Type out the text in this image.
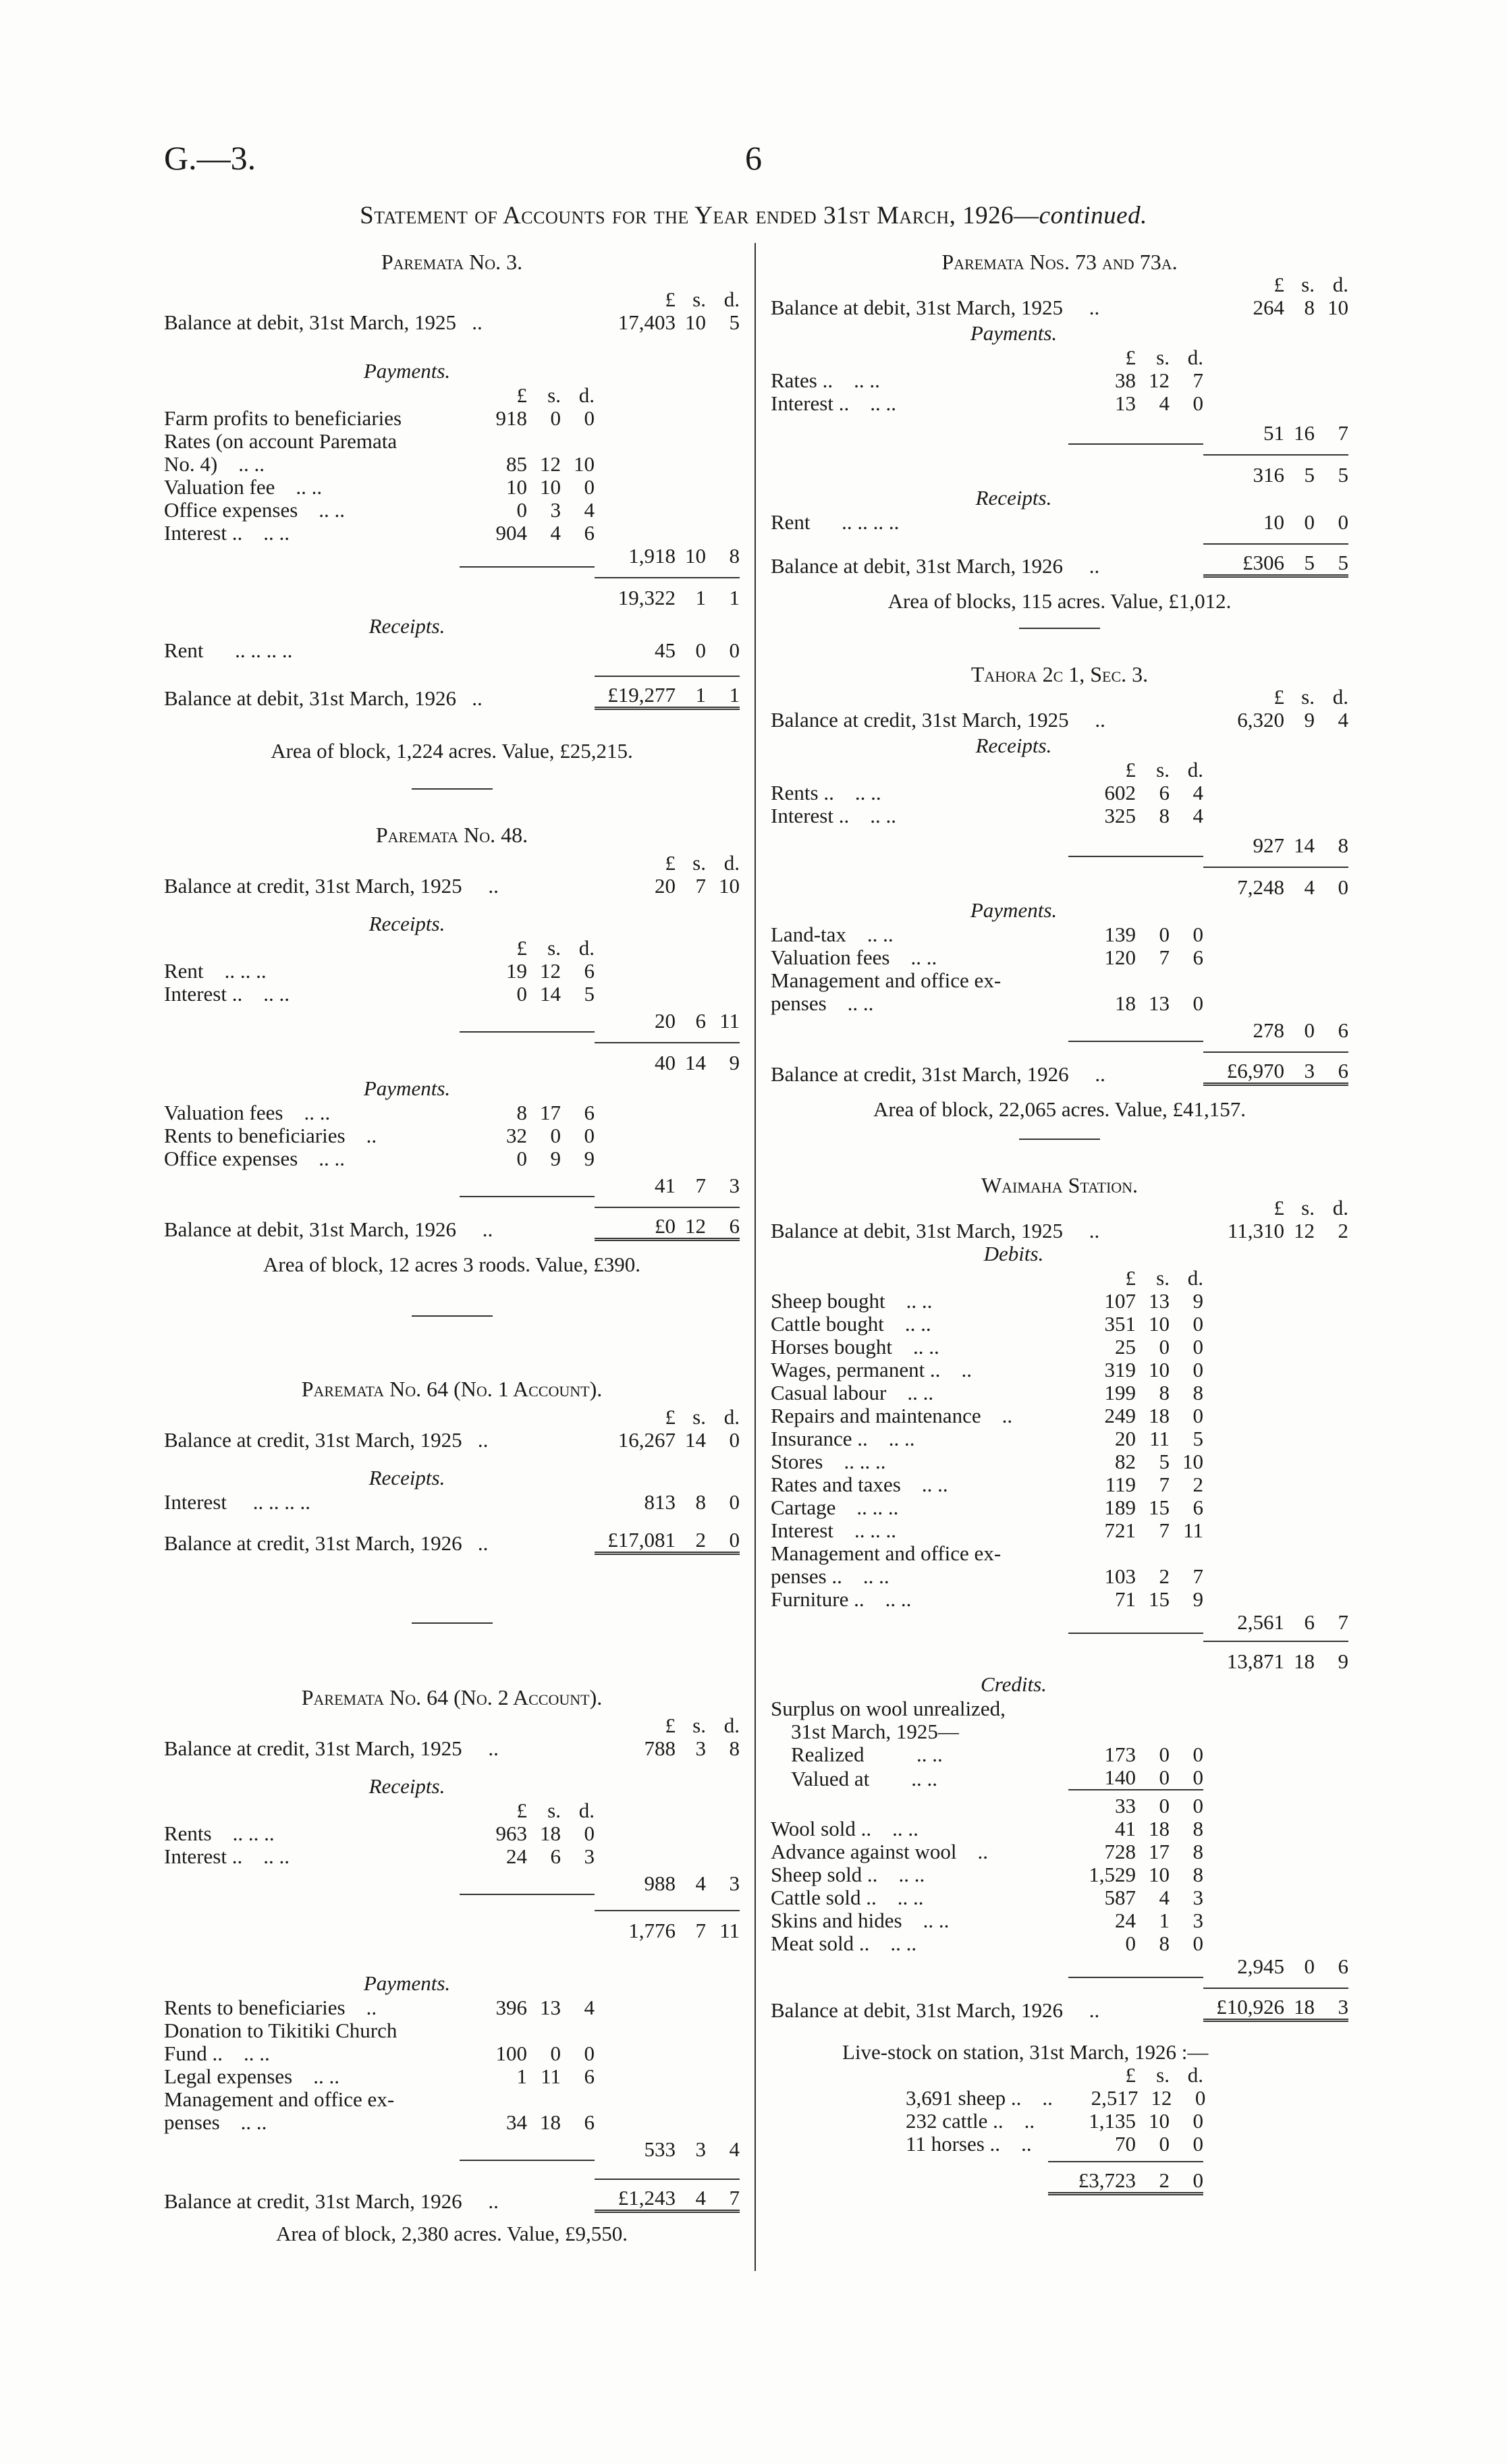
G.—3.	6
Statement of Accounts for the Year ended 31st March, 1926—continued.
Paremata No. 3.
£ s. d.
Balance at debit, 31st March, 1925 ..	17,403 10	5
Payments.
£ s. d.
Farm profits to beneficiaries	918	0	0
Rates (on account Paremata
No. 4) .. ..	85 12 10
Valuation fee .. ..	10 10	0
Office expenses .. ..	0	3	4
Interest .. .. ..	904	4	6
1,918 10	8
19,322 1	1
Receipts.
Rent .. .. .. ..	45 0	0
Balance at debit, 31st March, 1926 ..	£19,277 1	1
Area of block, 1,224 acres. Value, £25,215.
Paremata No. 48.
£ s. d.
Balance at credit, 31st March, 1925 ..	20 7 10
Receipts.
£ s. d.
Rent .. .. ..	19 12	6
Interest .. .. ..	0 14	5
20 6 11
40 14	9
Payments.
Valuation fees .. ..	8 17	6
Rents to beneficiaries ..	32	0	0
Office expenses .. ..	0	9	9
41 7	3
Balance at debit, 31st March, 1926 ..	£0 12	6
Area of block, 12 acres 3 roods. Value, £390.
Paremata No. 64 (No. 1 Account).
£ s. d.
Balance at credit, 31st March, 1925 ..	16,267 14	0
Receipts.
Interest .. .. .. ..	813 8	0
Balance at credit, 31st March, 1926 ..	£17,081 2	0
Paremata No. 64 (No. 2 Account).
£ s. d.
Balance at credit, 31st March, 1925 ..	788 3	8
Receipts.
£ s. d.
Rents .. .. ..	963 18	0
Interest .. .. ..	24	6	3
988 4	3
1,776 7 11
Payments.
Rents to beneficiaries ..	396 13	4
Donation to Tikitiki Church
Fund .. .. ..	100	0	0
Legal expenses .. ..	1 11	6
Management and office ex-
penses .. ..	34 18	6
533 3	4
Balance at credit, 31st March, 1926 ..	£1,243 4	7
Area of block, 2,380 acres. Value, £9,550.
Paremata Nos. 73 and 73a.
£ s. d.
Balance at debit, 31st March, 1925 ..	264 8 10
Payments.
£ s. d.
Rates .. .. ..	38 12	7
Interest .. .. ..	13	4	0
51 16	7
316 5	5
Receipts.
Rent .. .. .. ..	10 0	0
Balance at debit, 31st March, 1926 ..	£306 5	5
Area of blocks, 115 acres. Value, £1,012.
Tahora 2c 1, Sec. 3.
£ s. d.
Balance at credit, 31st March, 1925 ..	6,320 9	4
Receipts.
£ s. d.
Rents .. .. ..	602	6	4
Interest .. .. ..	325	8	4
927 14	8
7,248 4	0
Payments.
Land-tax .. ..	139	0	0
Valuation fees .. ..	120	7	6
Management and office ex-
penses .. ..	18 13	0
278 0	6
Balance at credit, 31st March, 1926 ..	£6,970 3	6
Area of block, 22,065 acres. Value, £41,157.
Waimaha Station.
£ s. d.
Balance at debit, 31st March, 1925 ..	11,310 12	2
Debits.
£ s. d.
Sheep bought .. ..	107 13	9
Cattle bought .. ..	351 10	0
Horses bought .. ..	25	0	0
Wages, permanent .. ..	319 10	0
Casual labour .. ..	199	8	8
Repairs and maintenance ..	249 18	0
Insurance .. .. ..	20 11	5
Stores .. .. ..	82	5 10
Rates and taxes .. ..	119	7	2
Cartage .. .. ..	189 15	6
Interest .. .. ..	721	7 11
Management and office ex-
penses .. .. ..	103	2	7
Furniture .. .. ..	71 15	9
2,561 6	7
13,871 18	9
Credits.
Surplus on wool unrealized,
31st March, 1925—
Realized	.. ..	173	0	0
Valued at .. ..	140	0	0
33	0	0
Wool sold .. .. ..	41 18	8
Advance against wool ..	728 17	8
Sheep sold .. .. ..	1,529 10	8
Cattle sold .. .. ..	587	4	3
Skins and hides .. ..	24	1	3
Meat sold .. .. ..	0	8	0
2,945 0	6
Balance at debit, 31st March, 1926 ..	£10,926 18	3
Live-stock on station, 31st March, 1926 :—
£ s. d.
3,691 sheep .. ..	2,517 12	0
232 cattle .. ..	1,135 10	0
11 horses .. ..	70	0	0
£3,723	2	0
